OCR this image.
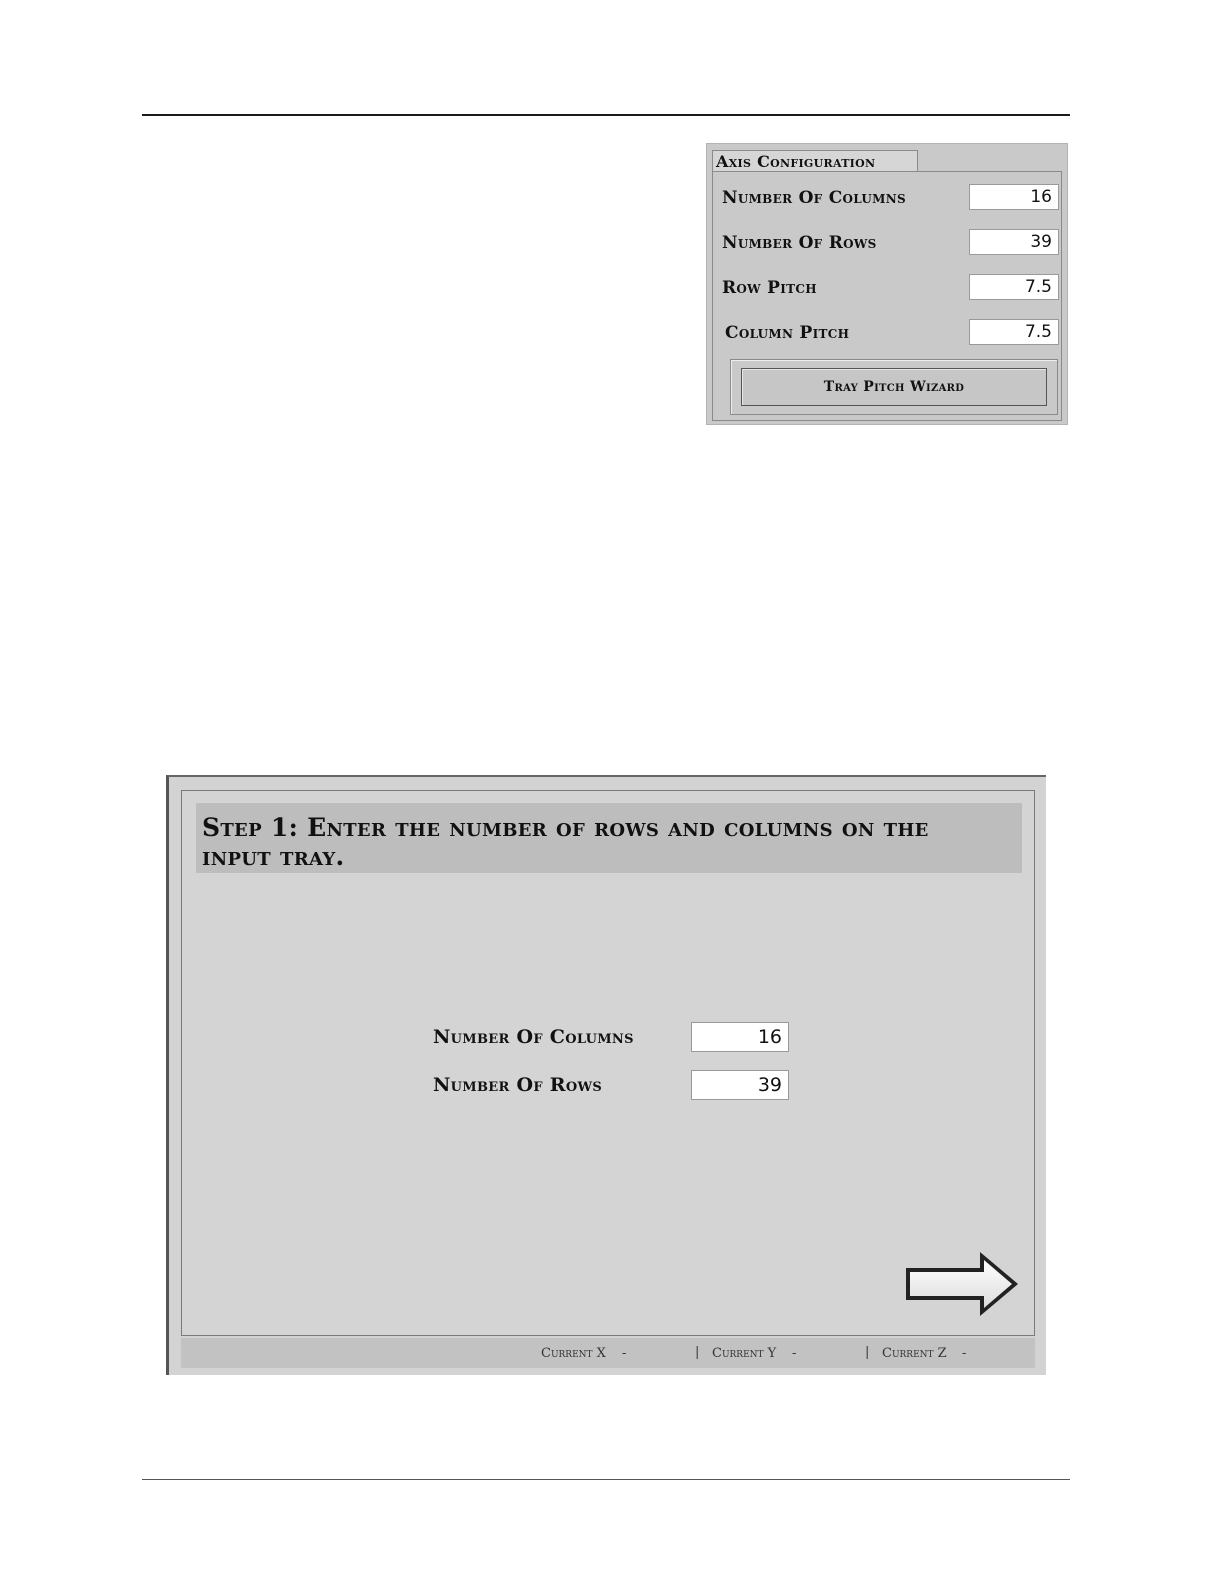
Axis Configuration
Number Of Columns
16
Number Of Rows
39
Row Pitch
7.5
Column Pitch
7.5
Tray Pitch Wizard
Step 1: Enter the number of rows and columns on the
input tray.
Number Of Columns
16
Number Of Rows
39
Current X -	| Current Y -	| Current Z -
